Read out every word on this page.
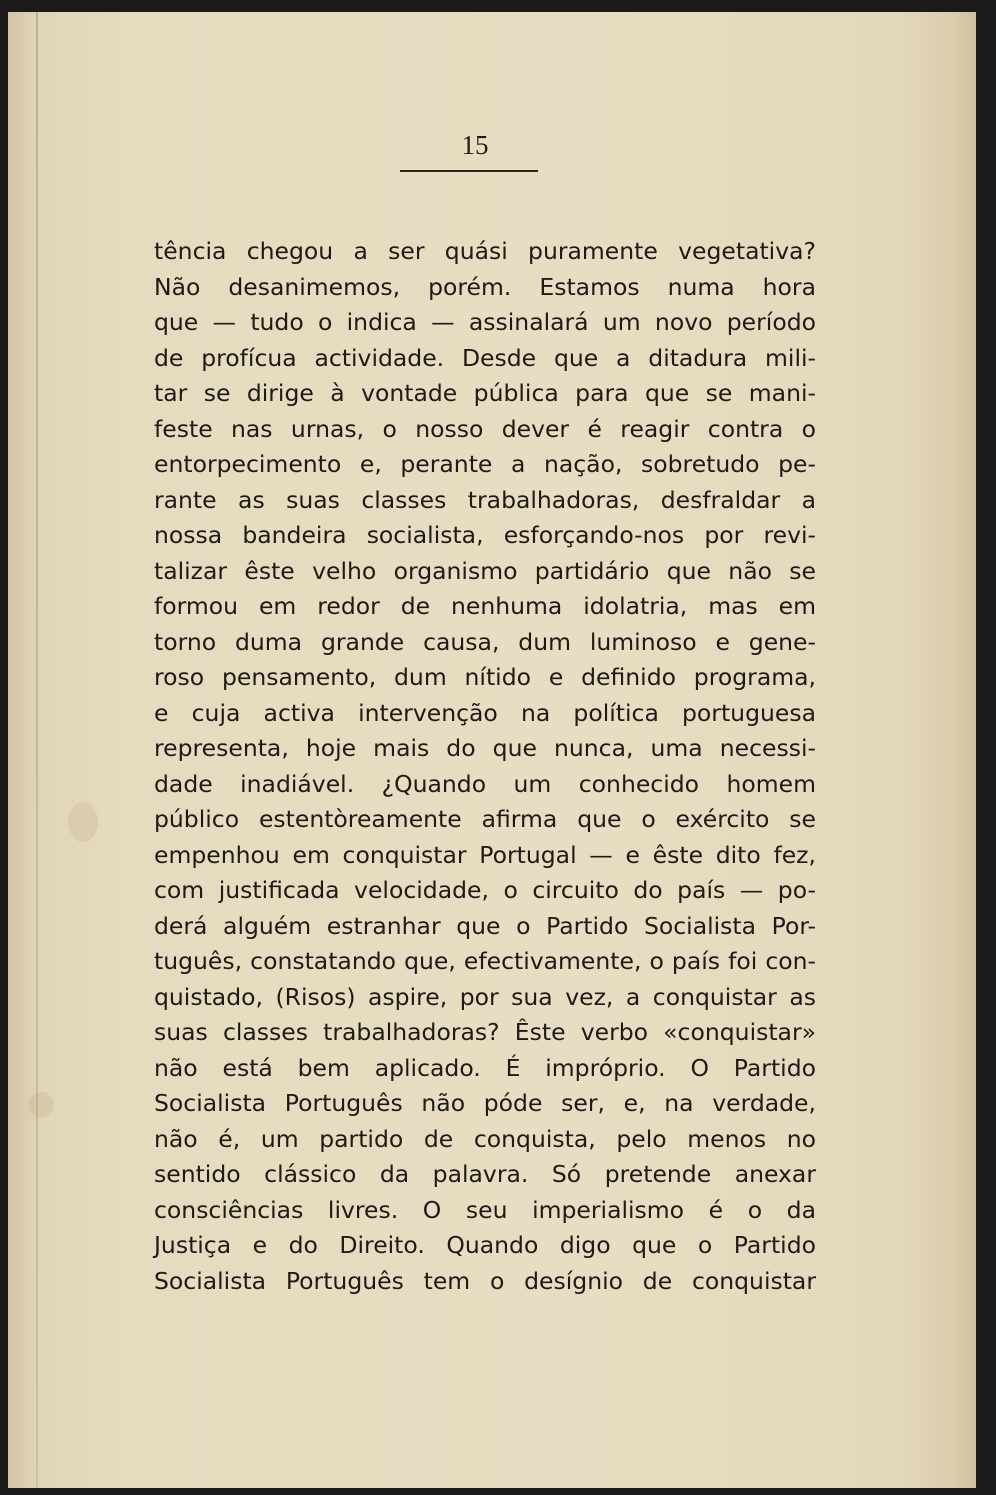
15
tência chegou a ser quási puramente vegetativa?
Não desanimemos, porém. Estamos numa hora
que — tudo o indica — assinalará um novo período
de profícua actividade. Desde que a ditadura mili-
tar se dirige à vontade pública para que se mani-
feste nas urnas, o nosso dever é reagir contra o
entorpecimento e, perante a nação, sobretudo pe-
rante as suas classes trabalhadoras, desfraldar a
nossa bandeira socialista, esforçando-nos por revi-
talizar êste velho organismo partidário que não se
formou em redor de nenhuma idolatria, mas em
torno duma grande causa, dum luminoso e gene-
roso pensamento, dum nítido e definido programa,
e cuja activa intervenção na política portuguesa
representa, hoje mais do que nunca, uma necessi-
dade inadiável. ¿Quando um conhecido homem
público estentòreamente afirma que o exército se
empenhou em conquistar Portugal — e êste dito fez,
com justificada velocidade, o circuito do país — po-
derá alguém estranhar que o Partido Socialista Por-
tuguês, constatando que, efectivamente, o país foi con-
quistado, (Risos) aspire, por sua vez, a conquistar as
suas classes trabalhadoras? Êste verbo «conquistar»
não está bem aplicado. É impróprio. O Partido
Socialista Português não póde ser, e, na verdade,
não é, um partido de conquista, pelo menos no
sentido clássico da palavra. Só pretende anexar
consciências livres. O seu imperialismo é o da
Justiça e do Direito. Quando digo que o Partido
Socialista Português tem o desígnio de conquistar
